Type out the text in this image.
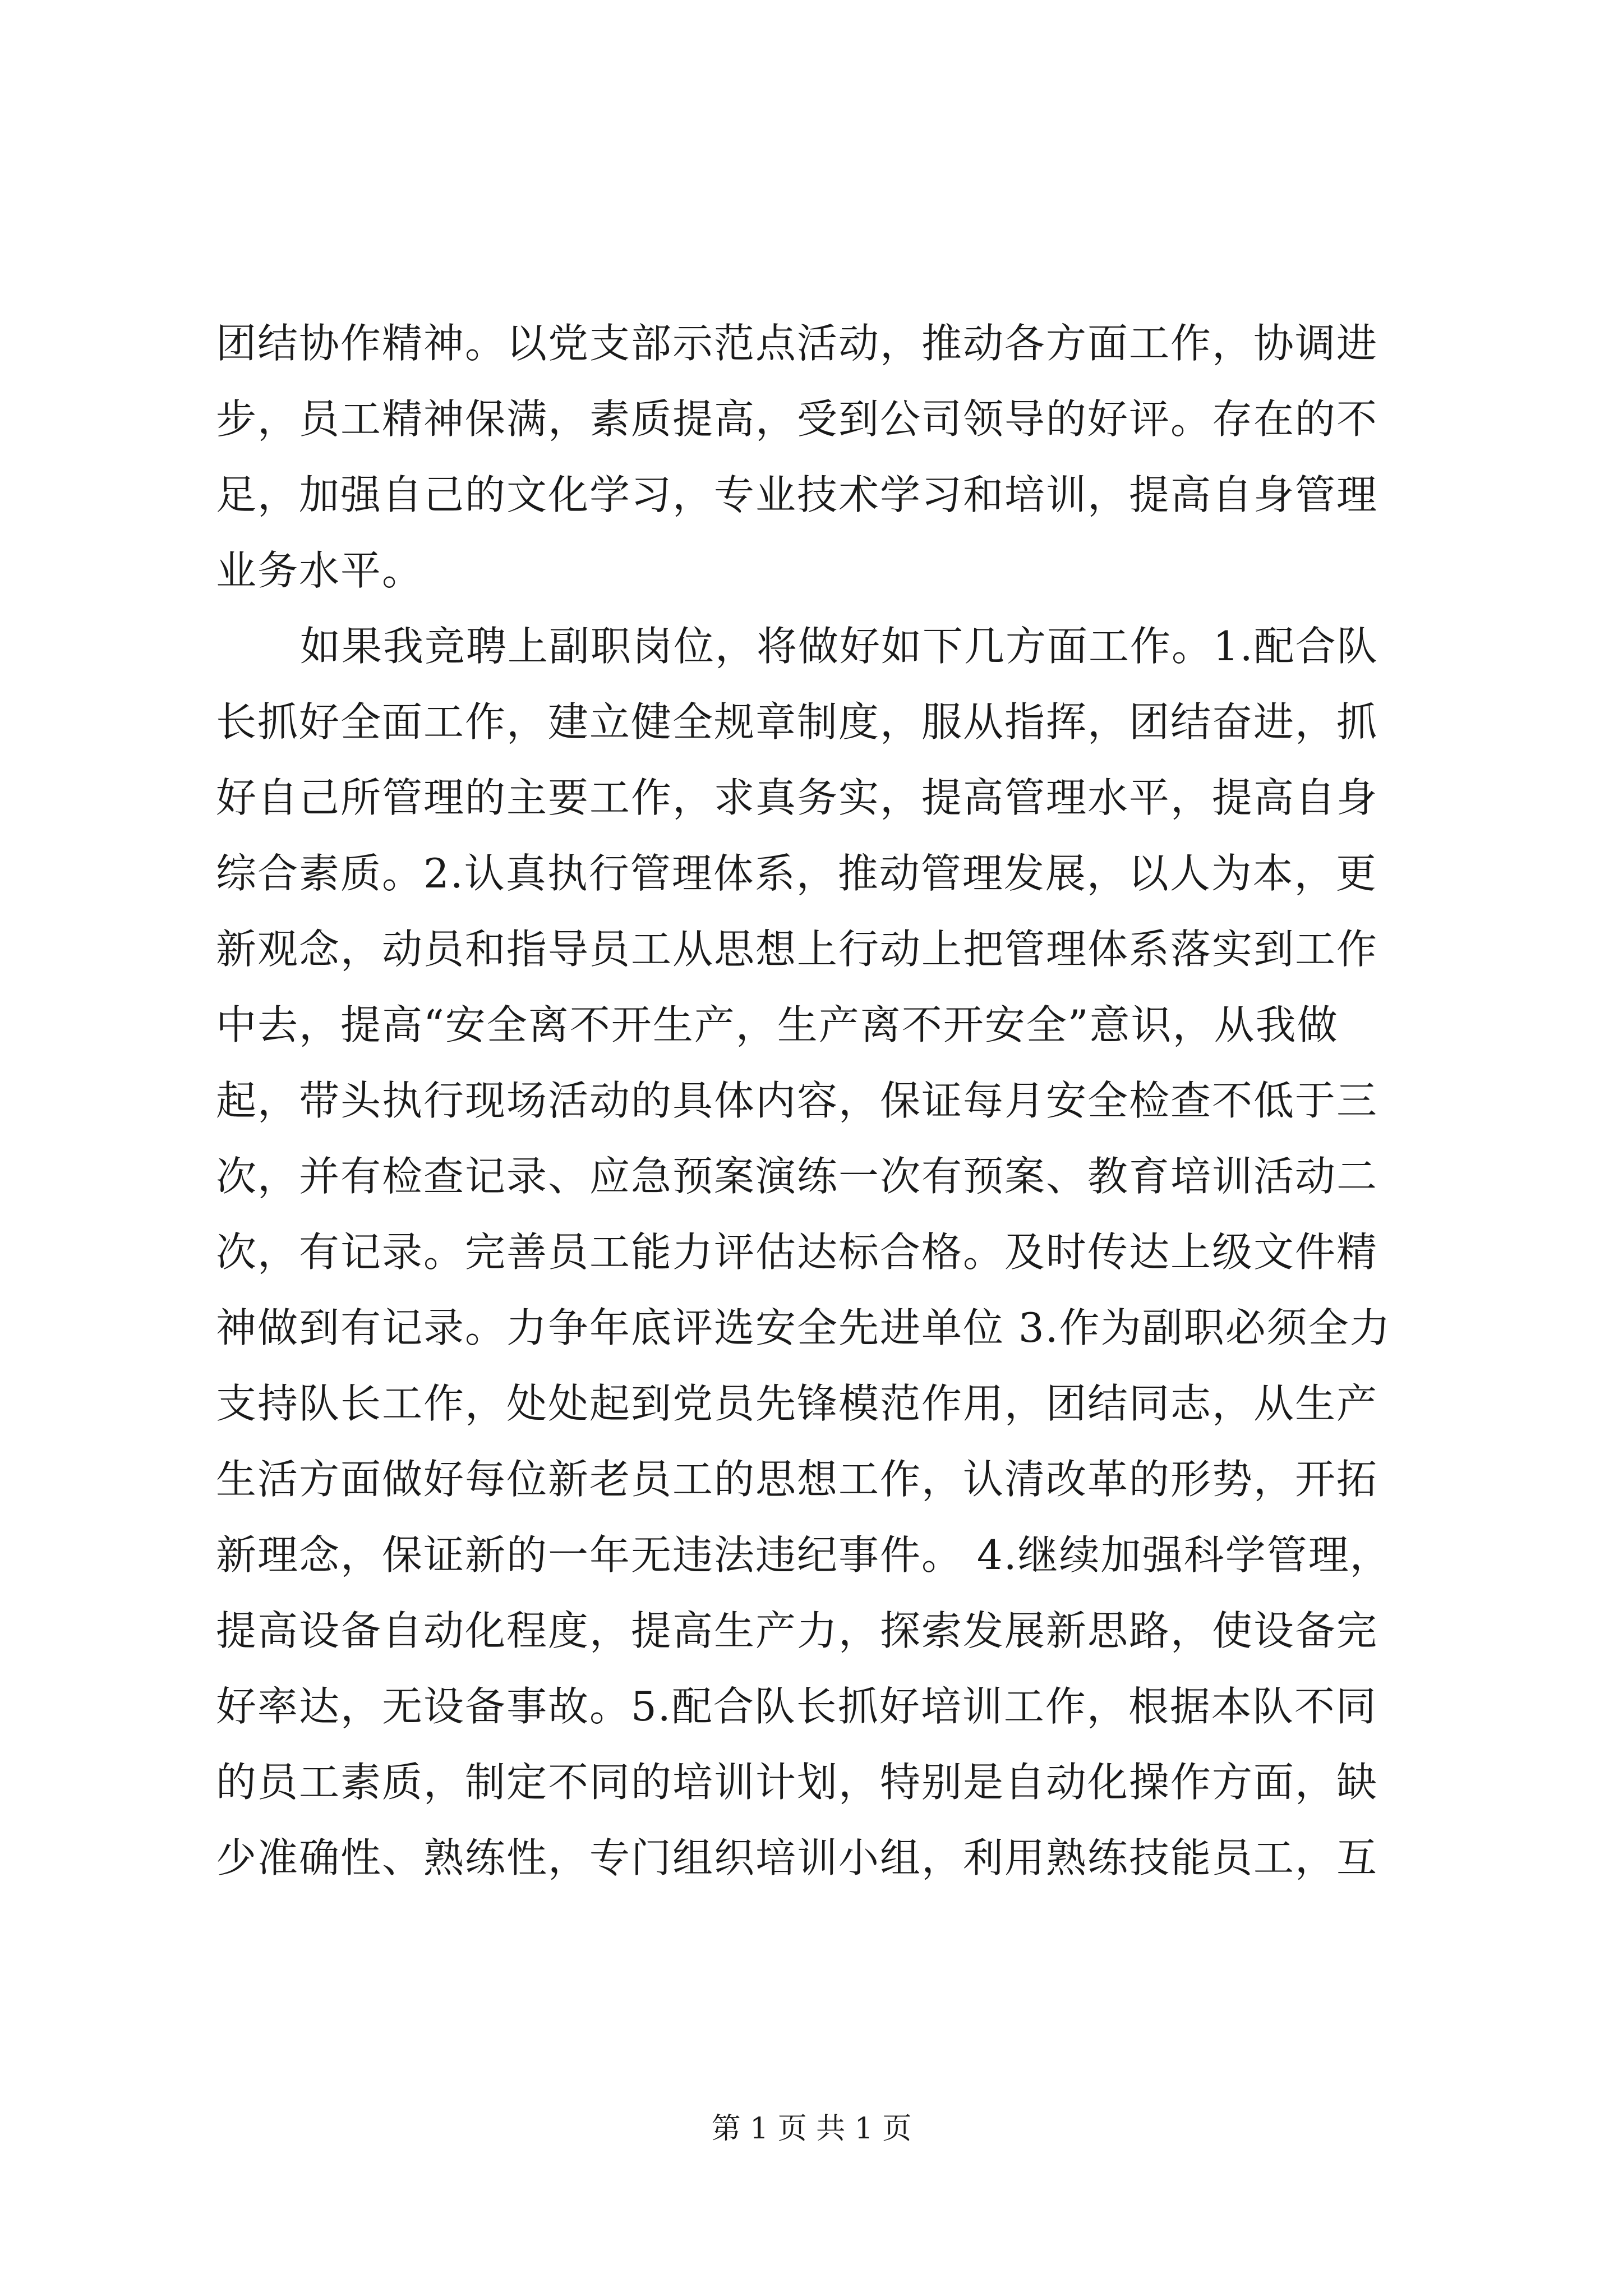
团结协作精神。以党支部示范点活动，推动各方面工作，协调进
步，员工精神保满，素质提高，受到公司领导的好评。存在的不
足，加强自己的文化学习，专业技术学习和培训，提高自身管理
业务水平。
如果我竞聘上副职岗位，将做好如下几方面工作。1.配合队
长抓好全面工作，建立健全规章制度，服从指挥，团结奋进，抓
好自己所管理的主要工作，求真务实，提高管理水平，提高自身
综合素质。2.认真执行管理体系，推动管理发展，以人为本，更
新观念，动员和指导员工从思想上行动上把管理体系落实到工作
中去，提高“安全离不开生产，生产离不开安全”意识，从我做
起，带头执行现场活动的具体内容，保证每月安全检查不低于三
次，并有检查记录、应急预案演练一次有预案、教育培训活动二
次，有记录。完善员工能力评估达标合格。及时传达上级文件精
神做到有记录。力争年底评选安全先进单位 3.作为副职必须全力
支持队长工作，处处起到党员先锋模范作用，团结同志，从生产
生活方面做好每位新老员工的思想工作，认清改革的形势，开拓
新理念，保证新的一年无违法违纪事件。 4.继续加强科学管理，
提高设备自动化程度，提高生产力，探索发展新思路，使设备完
好率达，无设备事故。5.配合队长抓好培训工作，根据本队不同
的员工素质，制定不同的培训计划，特别是自动化操作方面，缺
少准确性、熟练性，专门组织培训小组，利用熟练技能员工，互
第 1 页 共 1 页
